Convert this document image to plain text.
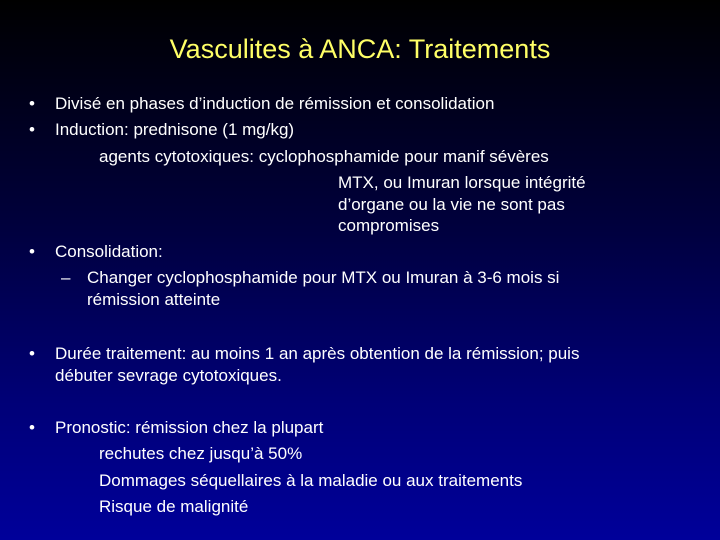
Vasculites à ANCA: Traitements
• Divisé en phases d’induction de rémission et consolidation
• Induction: prednisone (1 mg/kg)
agents cytotoxiques: cyclophosphamide pour manif sévères
MTX, ou Imuran lorsque intégrité
d’organe ou la vie ne sont pas
compromises
• Consolidation:
– Changer cyclophosphamide pour MTX ou Imuran à 3-6 mois si
rémission atteinte
• Durée traitement: au moins 1 an après obtention de la rémission; puis
débuter sevrage cytotoxiques.
• Pronostic: rémission chez la plupart
rechutes chez jusqu’à 50%
Dommages séquellaires à la maladie ou aux traitements
Risque de malignité
